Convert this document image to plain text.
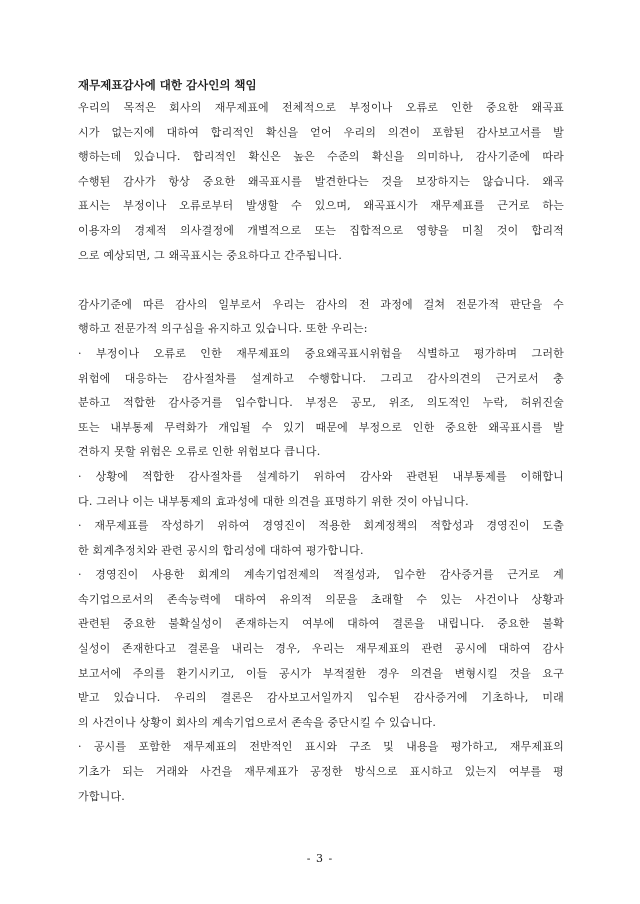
재무제표감사에 대한 감사인의 책임
우리의 목적은 회사의 재무제표에 전체적으로 부정이나 오류로 인한 중요한 왜곡표
시가 없는지에 대하여 합리적인 확신을 얻어 우리의 의견이 포함된 감사보고서를 발
행하는데 있습니다. 합리적인 확신은 높은 수준의 확신을 의미하나, 감사기준에 따라
수행된 감사가 항상 중요한 왜곡표시를 발견한다는 것을 보장하지는 않습니다. 왜곡
표시는 부정이나 오류로부터 발생할 수 있으며, 왜곡표시가 재무제표를 근거로 하는
이용자의 경제적 의사결정에 개별적으로 또는 집합적으로 영향을 미칠 것이 합리적
으로 예상되면, 그 왜곡표시는 중요하다고 간주됩니다.
감사기준에 따른 감사의 일부로서 우리는 감사의 전 과정에 걸쳐 전문가적 판단을 수
행하고 전문가적 의구심을 유지하고 있습니다. 또한 우리는:
· 부정이나 오류로 인한 재무제표의 중요왜곡표시위험을 식별하고 평가하며 그러한
위험에 대응하는 감사절차를 설계하고 수행합니다. 그리고 감사의견의 근거로서 충
분하고 적합한 감사증거를 입수합니다. 부정은 공모, 위조, 의도적인 누락, 허위진술
또는 내부통제 무력화가 개입될 수 있기 때문에 부정으로 인한 중요한 왜곡표시를 발
견하지 못할 위험은 오류로 인한 위험보다 큽니다.
· 상황에 적합한 감사절차를 설계하기 위하여 감사와 관련된 내부통제를 이해합니
다. 그러나 이는 내부통제의 효과성에 대한 의견을 표명하기 위한 것이 아닙니다.
· 재무제표를 작성하기 위하여 경영진이 적용한 회계정책의 적합성과 경영진이 도출
한 회계추정치와 관련 공시의 합리성에 대하여 평가합니다.
· 경영진이 사용한 회계의 계속기업전제의 적절성과, 입수한 감사증거를 근거로 계
속기업으로서의 존속능력에 대하여 유의적 의문을 초래할 수 있는 사건이나 상황과
관련된 중요한 불확실성이 존재하는지 여부에 대하여 결론을 내립니다. 중요한 불확
실성이 존재한다고 결론을 내리는 경우, 우리는 재무제표의 관련 공시에 대하여 감사
보고서에 주의를 환기시키고, 이들 공시가 부적절한 경우 의견을 변형시킬 것을 요구
받고 있습니다. 우리의 결론은 감사보고서일까지 입수된 감사증거에 기초하나, 미래
의 사건이나 상황이 회사의 계속기업으로서 존속을 중단시킬 수 있습니다.
· 공시를 포함한 재무제표의 전반적인 표시와 구조 및 내용을 평가하고, 재무제표의
기초가 되는 거래와 사건을 재무제표가 공정한 방식으로 표시하고 있는지 여부를 평
가합니다.
- 3 -
